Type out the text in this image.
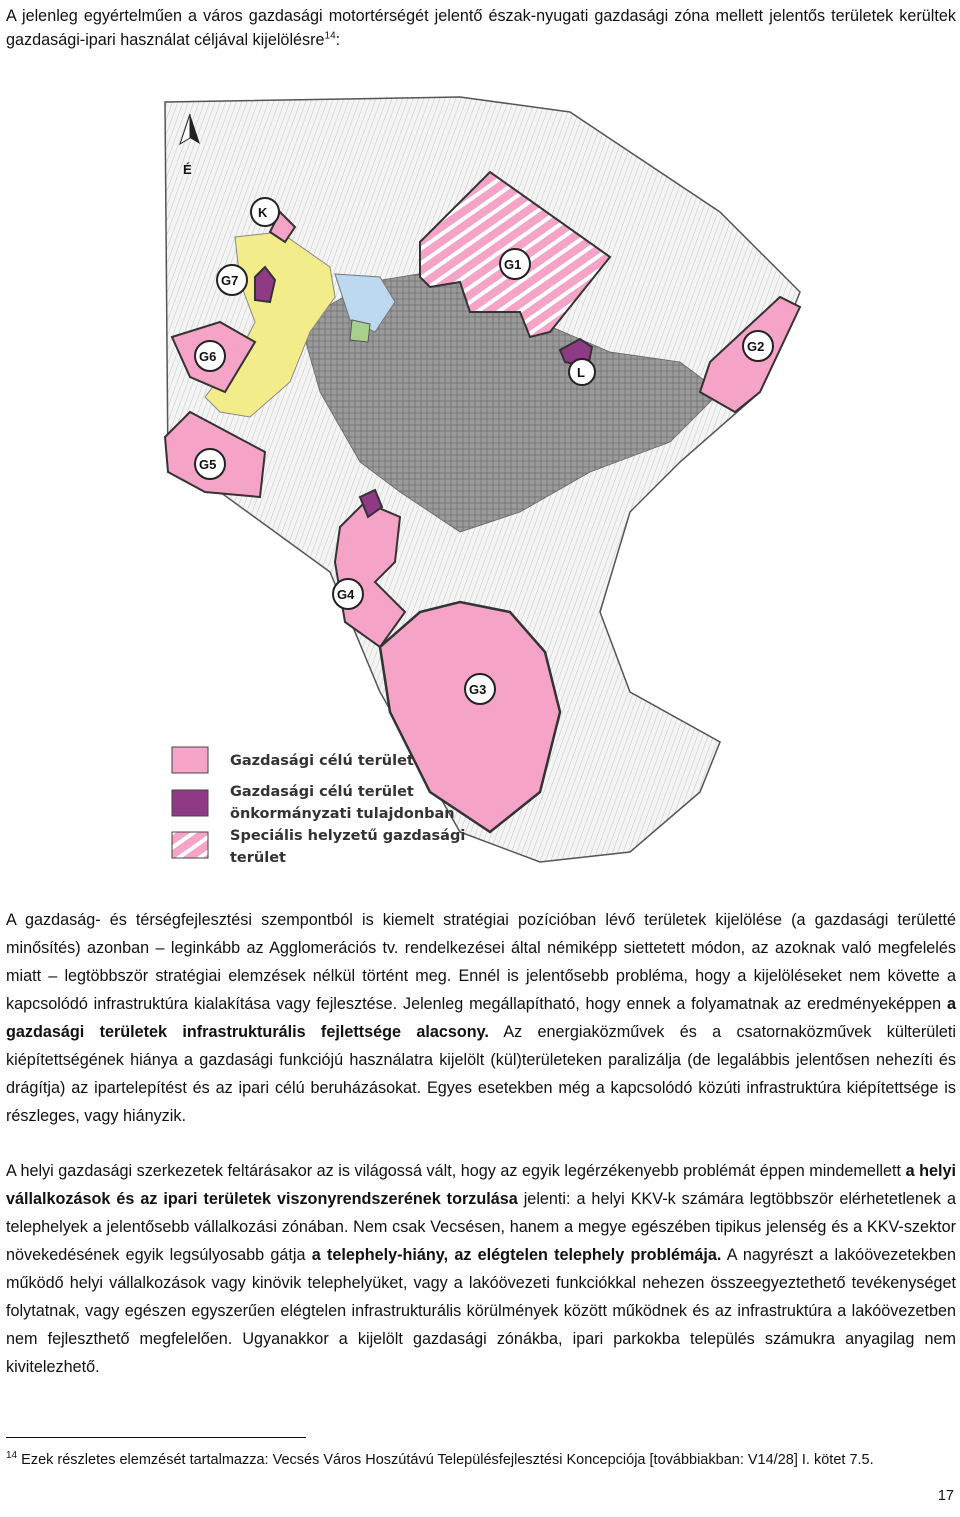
A jelenleg egyértelműen a város gazdasági motortérségét jelentő észak-nyugati gazdasági zóna mellett jelentős területek kerültek gazdasági-ipari használat céljával kijelölésre$^{14}$:

É
K
G7
G1
G6
G2
L
G5
G4
G3
Gazdasági célú terület
Gazdasági célú terület
önkormányzati tulajdonban
Speciális helyzetű gazdasági
terület

A gazdaság- és térségfejlesztési szempontból is kiemelt stratégiai pozícióban lévő területek kijelölése (a gazdasági területté minősítés) azonban – leginkább az Agglomerációs tv. rendelkezései által némiképp siettetett módon, az azoknak való megfelelés miatt – legtöbbször stratégiai elemzések nélkül történt meg. Ennél is jelentősebb probléma, hogy a kijelöléseket nem követte a kapcsolódó infrastruktúra kialakítása vagy fejlesztése. Jelenleg megállapítható, hogy ennek a folyamatnak az eredményeképpen a gazdasági területek infrastrukturális fejlettsége alacsony. Az energiaközművek és a csatornaközművek külterületi kiépítettségének hiánya a gazdasági funkciójú használatra kijelölt (kül)területeken paralizálja (de legalábbis jelentősen nehezíti és drágítja) az ipartelepítést és az ipari célú beruházásokat. Egyes esetekben még a kapcsolódó közúti infrastruktúra kiépítettsége is részleges, vagy hiányzik.

A helyi gazdasági szerkezetek feltárásakor az is világossá vált, hogy az egyik legérzékenyebb problémát éppen mindemellett a helyi vállalkozások és az ipari területek viszonyrendszerének torzulása jelenti: a helyi KKV-k számára legtöbbször elérhetetlenek a telephelyek a jelentősebb vállalkozási zónában. Nem csak Vecsésen, hanem a megye egészében tipikus jelenség és a KKV-szektor növekedésének egyik legsúlyosabb gátja a telephely-hiány, az elégtelen telephely problémája. A nagyrészt a lakóövezetekben működő helyi vállalkozások vagy kinövik telephelyüket, vagy a lakóövezeti funkciókkal nehezen összeegyeztethető tevékenységet folytatnak, vagy egészen egyszerűen elégtelen infrastrukturális körülmények között működnek és az infrastruktúra a lakóövezetben nem fejleszthető megfelelően. Ugyanakkor a kijelölt gazdasági zónákba, ipari parkokba település számukra anyagilag nem kivitelezhető.

$^{14}$ Ezek részletes elemzését tartalmazza: Vecsés Város Hoszútávú Településfejlesztési Koncepciója [továbbiakban: V14/28] I. kötet 7.5.

17
